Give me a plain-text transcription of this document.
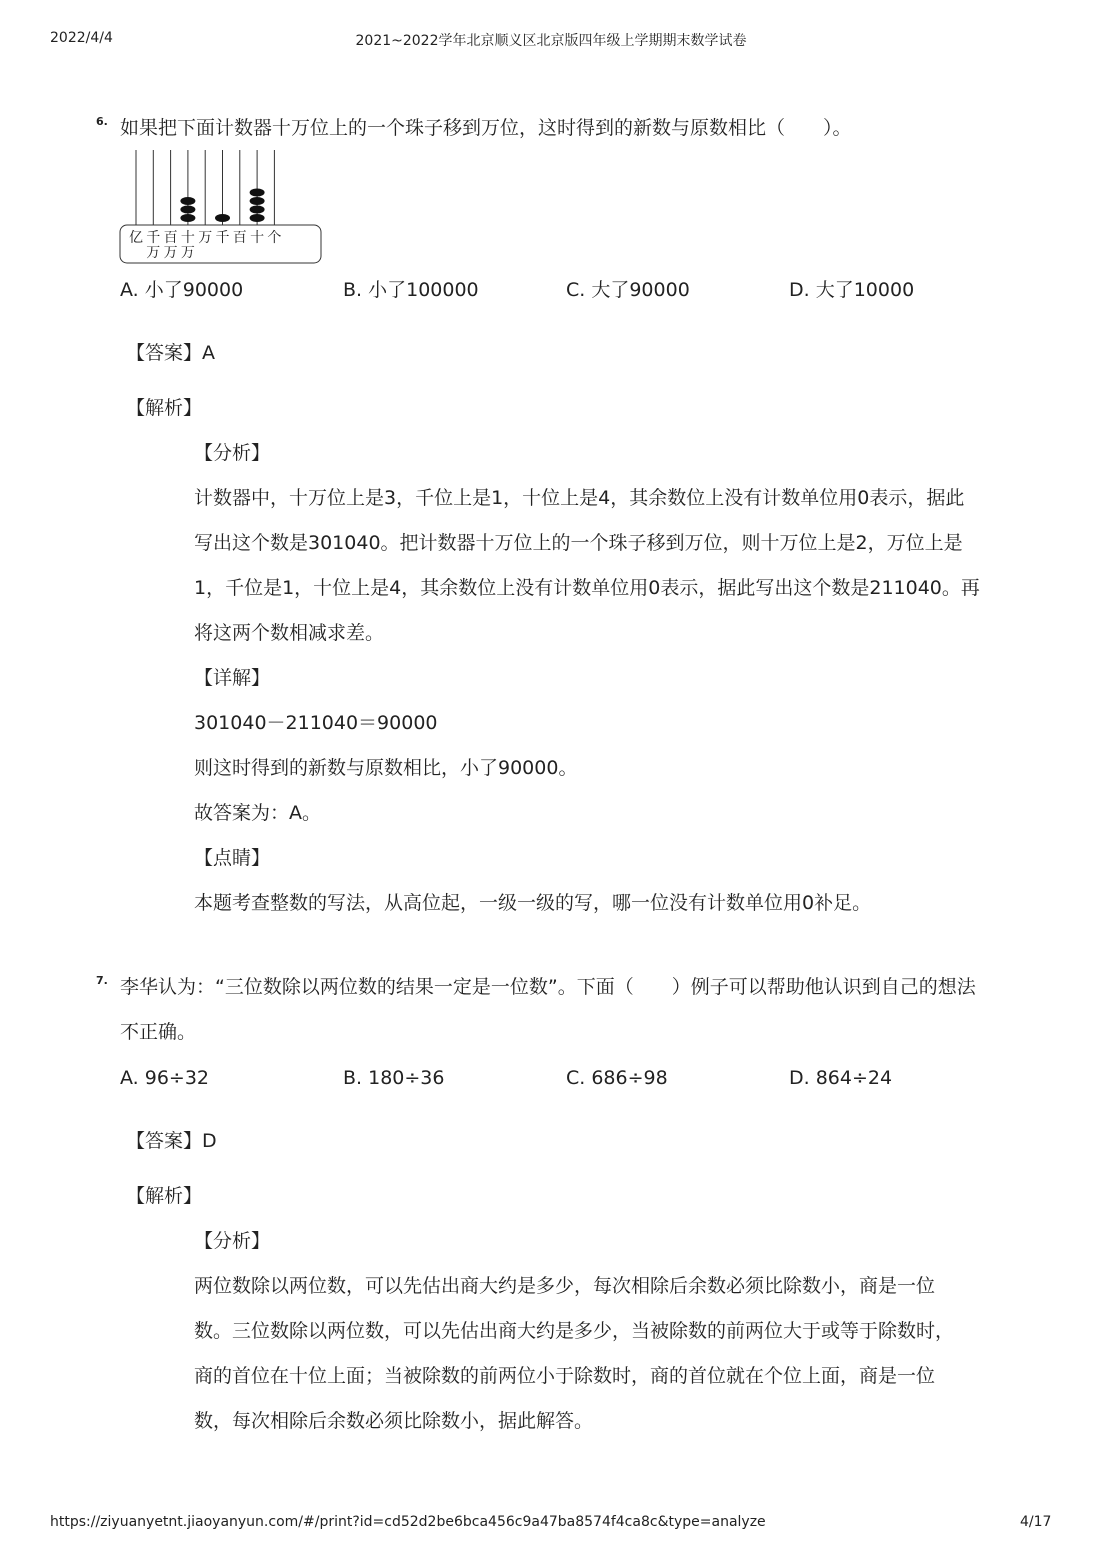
2022/4/4	2021~2022学年北京顺义区北京版四年级上学期期末数学试卷
6. 如果把下面计数器十万位上的一个珠子移到万位，这时得到的新数与原数相比（　　）。
亿 千 百 十 万 千 百 十 个
万 万 万
A. 小了90000	B. 小了100000	C. 大了90000	D. 大了10000
【答案】A
【解析】
【分析】
计数器中，十万位上是3，千位上是1，十位上是4，其余数位上没有计数单位用0表示，据此
写出这个数是301040。把计数器十万位上的一个珠子移到万位，则十万位上是2，万位上是
1，千位是1，十位上是4，其余数位上没有计数单位用0表示，据此写出这个数是211040。再
将这两个数相减求差。
【详解】
301040－211040＝90000
则这时得到的新数与原数相比，小了90000。
故答案为：A。
【点睛】
本题考查整数的写法，从高位起，一级一级的写，哪一位没有计数单位用0补足。
7. 李华认为：“三位数除以两位数的结果一定是一位数”。下面（　　）例子可以帮助他认识到自己的想法
不正确。
A. 96÷32	B. 180÷36	C. 686÷98	D. 864÷24
【答案】D
【解析】
【分析】
两位数除以两位数，可以先估出商大约是多少，每次相除后余数必须比除数小，商是一位
数。三位数除以两位数，可以先估出商大约是多少，当被除数的前两位大于或等于除数时，
商的首位在十位上面；当被除数的前两位小于除数时，商的首位就在个位上面，商是一位
数，每次相除后余数必须比除数小，据此解答。
https://ziyuanyetnt.jiaoyanyun.com/#/print?id=cd52d2be6bca456c9a47ba8574f4ca8c&type=analyze	4/17
